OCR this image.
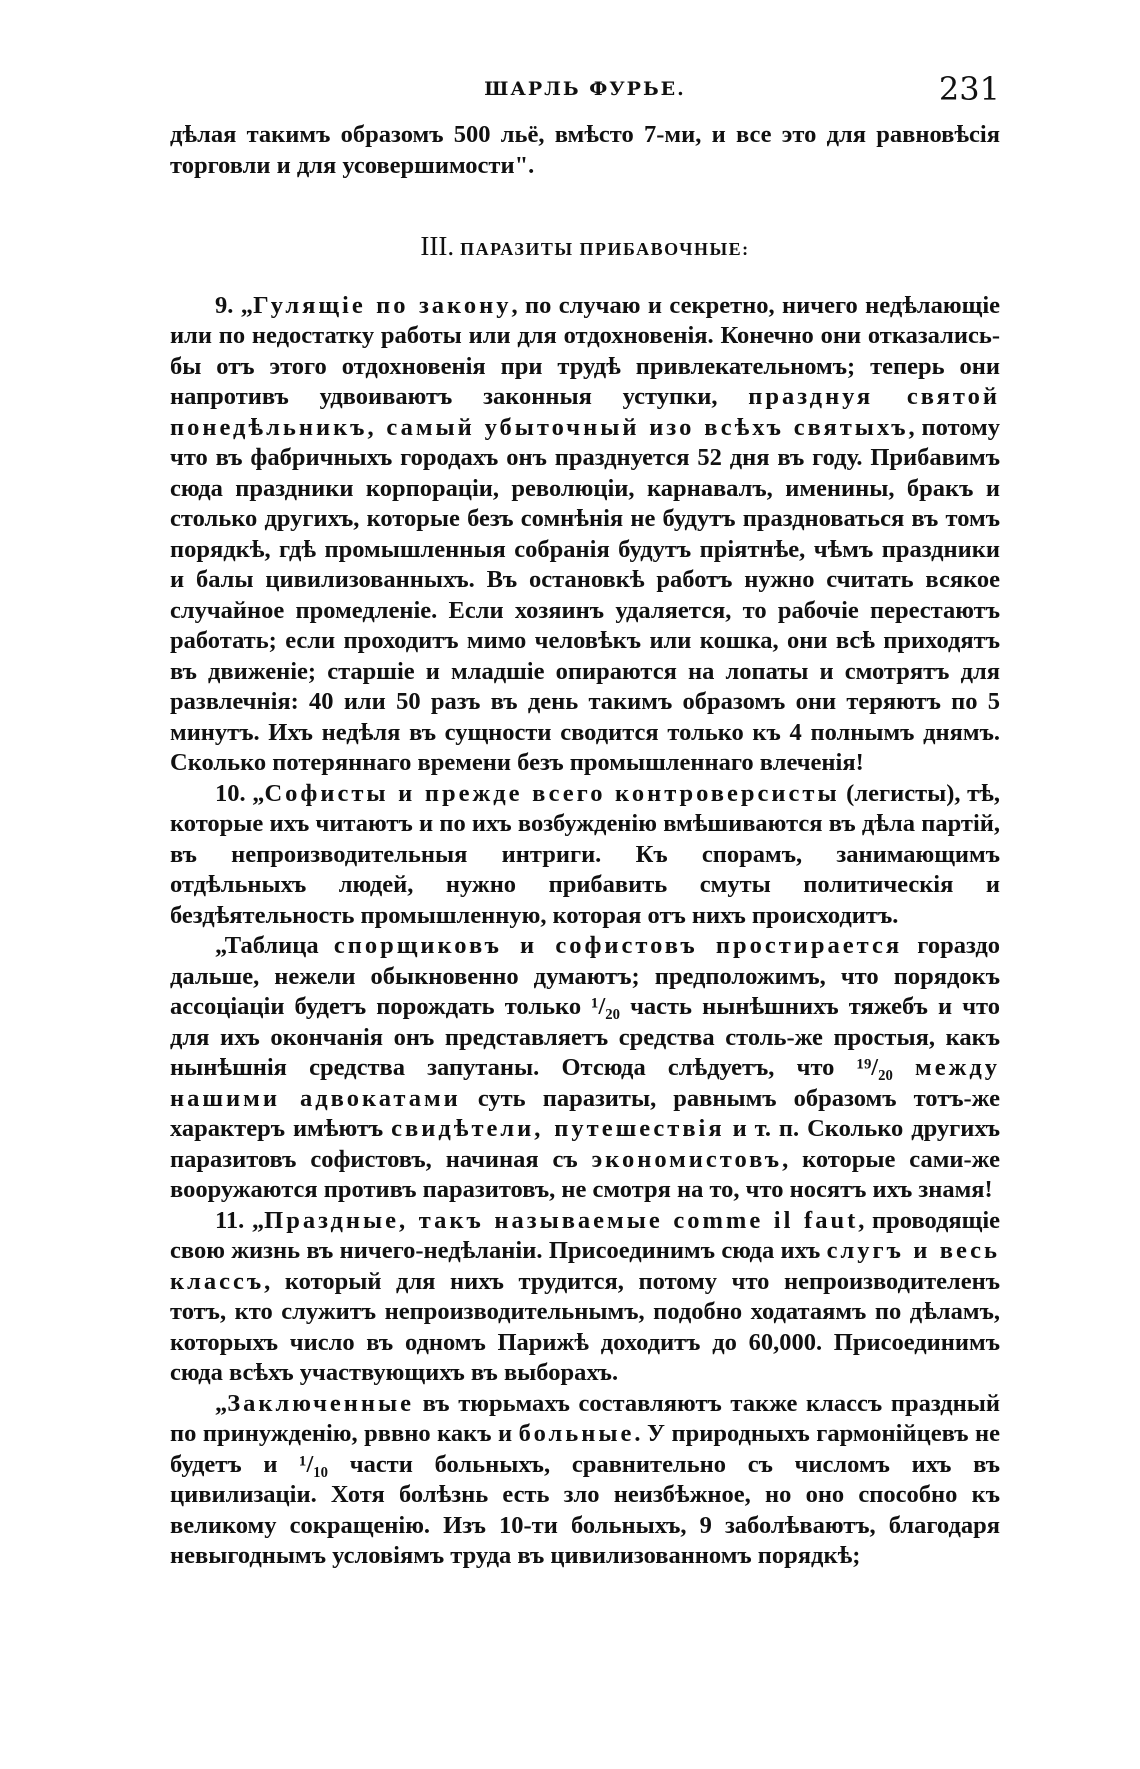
ШАРЛЬ ФУРЬЕ.	231

дѣлая такимъ образомъ 500 льё, вмѣсто 7-ми, и все это для равновѣсія торговли и для усовершимости".

III. ПАРАЗИТЫ ПРИБАВОЧНЫЕ:

9. „Гулящіе по закону, по случаю и секретно, ничего недѣлающіе или по недостатку работы или для отдохновенія. Конечно они отказались-бы отъ этого отдохновенія при трудѣ привлекательномъ; теперь они напротивъ удвоиваютъ законныя уступки, празднуя святой понедѣльникъ, самый убыточный изо всѣхъ святыхъ, потому что въ фабричныхъ городахъ онъ празднуется 52 дня въ году. Прибавимъ сюда праздники корпораціи, революціи, карнавалъ, именины, бракъ и столько другихъ, которые безъ сомнѣнія не будутъ праздноваться въ томъ порядкѣ, гдѣ промышленныя собранія будутъ пріятнѣе, чѣмъ праздники и балы цивилизованныхъ. Въ остановкѣ работъ нужно считать всякое случайное промедленіе. Если хозяинъ удаляется, то рабочіе перестаютъ работать; если проходитъ мимо человѣкъ или кошка, они всѣ приходятъ въ движеніе; старшіе и младшіе опираются на лопаты и смотрятъ для развлечнія: 40 или 50 разъ въ день такимъ образомъ они теряютъ по 5 минутъ. Ихъ недѣля въ сущности сводится только къ 4 полнымъ днямъ. Сколько потеряннаго времени безъ промышленнаго влеченія!

10. „Софисты и прежде всего контроверсисты (легисты), тѣ, которые ихъ читаютъ и по ихъ возбужденію вмѣшиваются въ дѣла партій, въ непроизводительныя интриги. Къ спорамъ, занимающимъ отдѣльныхъ людей, нужно прибавить смуты политическія и бездѣятельность промышленную, которая отъ нихъ происходитъ.

„Таблица спорщиковъ и софистовъ простирается гораздо дальше, нежели обыкновенно думаютъ; предположимъ, что порядокъ ассоціаціи будетъ порождать только ¹/₂₀ часть нынѣшнихъ тяжебъ и что для ихъ окончанія онъ представляетъ средства столь-же простыя, какъ нынѣшнія средства запутаны. Отсюда слѣдуетъ, что ¹⁹/₂₀ между нашими адвокатами суть паразиты, равнымъ образомъ тотъ-же характеръ имѣютъ свидѣтели, путешествія и т. п. Сколько другихъ паразитовъ софистовъ, начиная съ экономистовъ, которые сами-же вооружаются противъ паразитовъ, не смотря на то, что носятъ ихъ знамя!

11. „Праздные, такъ называемые comme il faut, проводящіе свою жизнь въ ничего-недѣланіи. Присоединимъ сюда ихъ слугъ и весь классъ, который для нихъ трудится, потому что непроизводителенъ тотъ, кто служитъ непроизводительнымъ, подобно ходатаямъ по дѣламъ, которыхъ число въ одномъ Парижѣ доходитъ до 60,000. Присоединимъ сюда всѣхъ участвующихъ въ выборахъ.

„Заключенные въ тюрьмахъ составляютъ также классъ праздный по принужденію, рввно какъ и больные. У природныхъ гармонійцевъ не будетъ и ¹/₁₀ части больныхъ, сравнительно съ числомъ ихъ въ цивилизаціи. Хотя болѣзнь есть зло неизбѣжное, но оно способно къ великому сокращенію. Изъ 10-ти больныхъ, 9 заболѣваютъ, благодаря невыгоднымъ условіямъ труда въ цивилизованномъ порядкѣ;
